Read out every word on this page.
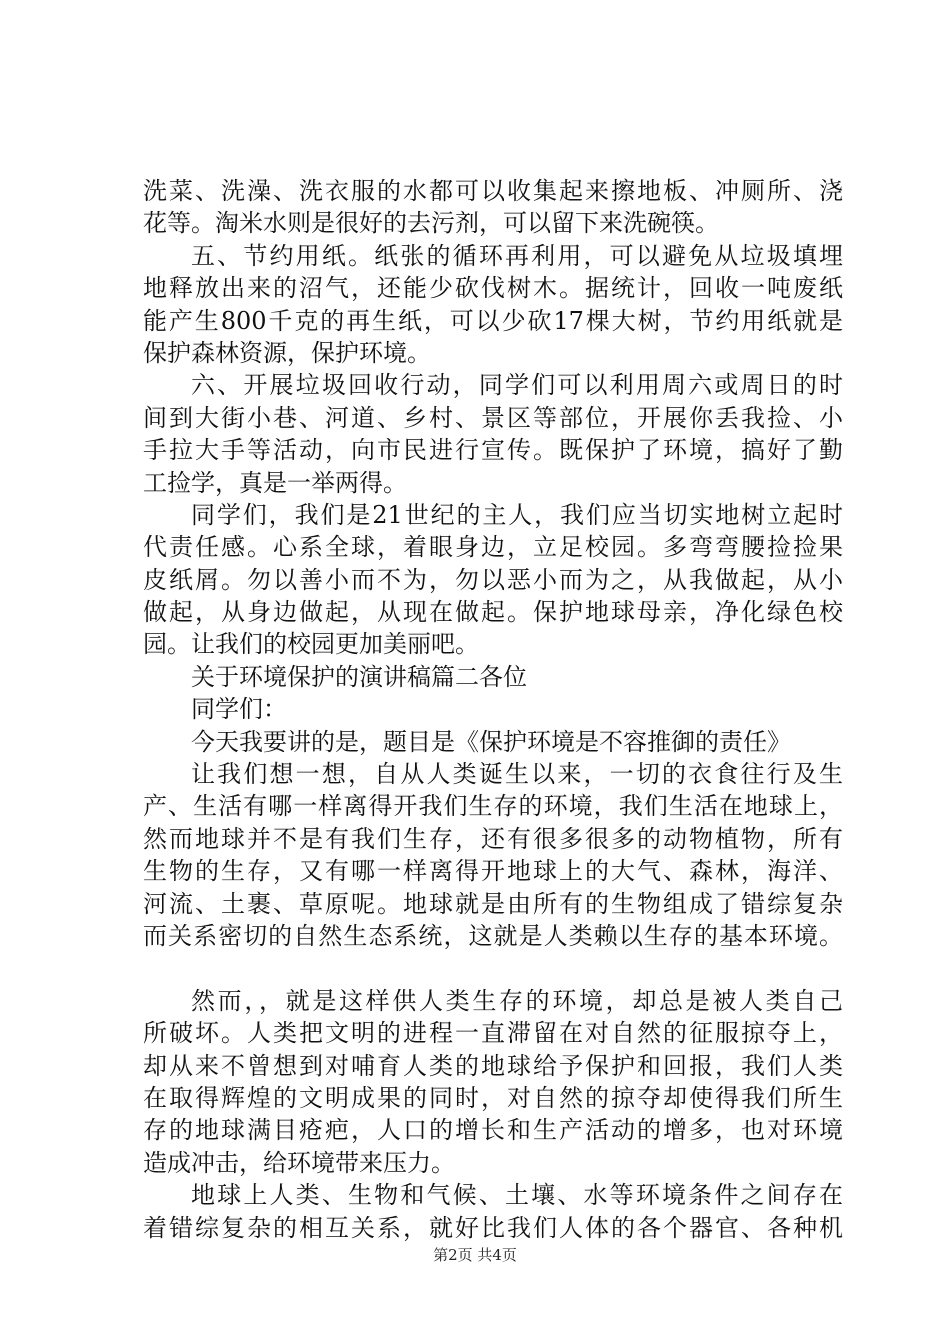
洗菜、洗澡、洗衣服的水都可以收集起来擦地板、冲厕所、浇
花等。淘米水则是很好的去污剂，可以留下来洗碗筷。
五、节约用纸。纸张的循环再利用，可以避免从垃圾填埋
地释放出来的沼气，还能少砍伐树木。据统计，回收一吨废纸
能产生800千克的再生纸，可以少砍17棵大树，节约用纸就是
保护森林资源，保护环境。
六、开展垃圾回收行动，同学们可以利用周六或周日的时
间到大街小巷、河道、乡村、景区等部位，开展你丢我捡、小
手拉大手等活动，向市民进行宣传。既保护了环境，搞好了勤
工捡学，真是一举两得。
同学们，我们是21世纪的主人，我们应当切实地树立起时
代责任感。心系全球，着眼身边，立足校园。多弯弯腰捡捡果
皮纸屑。勿以善小而不为，勿以恶小而为之，从我做起，从小
做起，从身边做起，从现在做起。保护地球母亲，净化绿色校
园。让我们的校园更加美丽吧。
关于环境保护的演讲稿篇二各位
同学们：
今天我要讲的是，题目是《保护环境是不容推御的责任》
让我们想一想，自从人类诞生以来，一切的衣食往行及生
产、生活有哪一样离得开我们生存的环境，我们生活在地球上，
然而地球并不是有我们生存，还有很多很多的动物植物，所有
生物的生存，又有哪一样离得开地球上的大气、森林，海洋、
河流、土裹、草原呢。地球就是由所有的生物组成了错综复杂
而关系密切的自然生态系统，这就是人类赖以生存的基本环境。
然而，，就是这样供人类生存的环境，却总是被人类自己
所破坏。人类把文明的进程一直滞留在对自然的征服掠夺上，
却从来不曾想到对哺育人类的地球给予保护和回报，我们人类
在取得辉煌的文明成果的同时，对自然的掠夺却使得我们所生
存的地球满目疮疤，人口的增长和生产活动的增多，也对环境
造成冲击，给环境带来压力。
地球上人类、生物和气候、土壤、水等环境条件之间存在
着错综复杂的相互关系，就好比我们人体的各个器官、各种机
第2页 共4页
